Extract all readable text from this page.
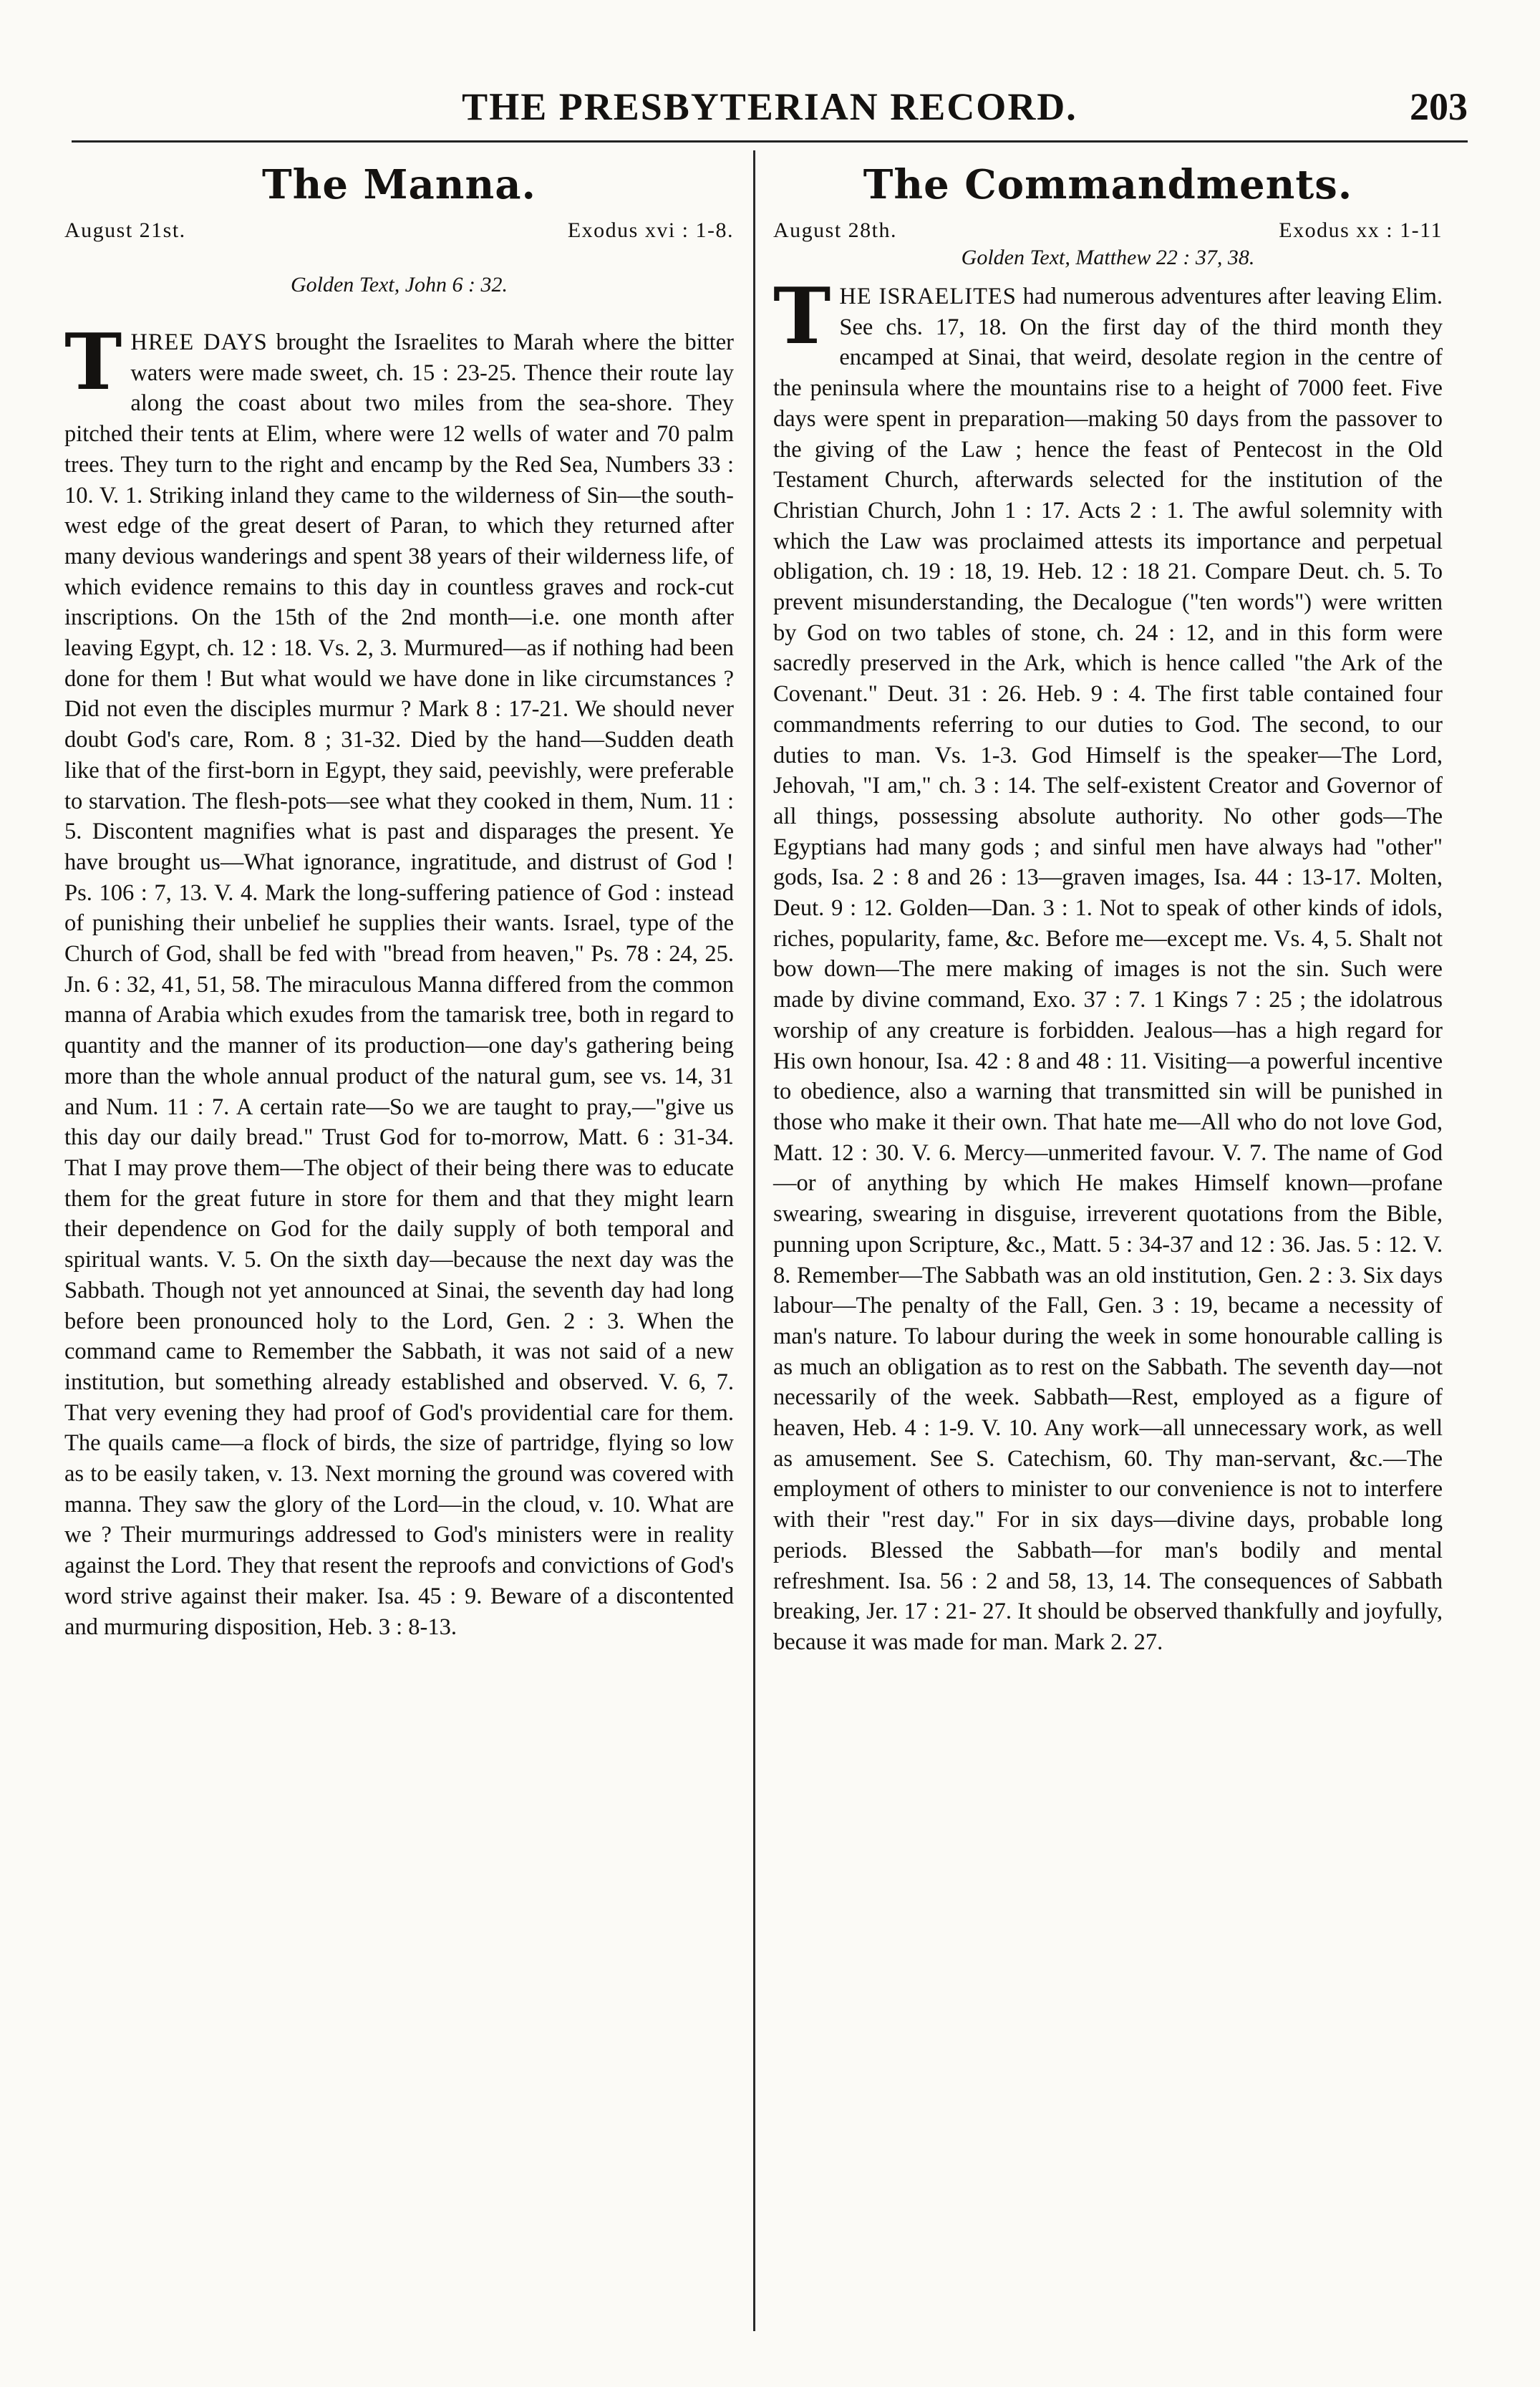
THE PRESBYTERIAN RECORD.	203
The Manna.
August 21st.	Exodus xvi : 1-8.
Golden Text, John 6 : 32.

THREE DAYS brought the Israelites to Marah where the bitter waters were made sweet, ch. 15 : 23-25. Thence their route lay along the coast about two miles from the sea-shore. They pitched their tents at Elim, where were 12 wells of water and 70 palm trees. They turn to the right and encamp by the Red Sea, Numbers 33 : 10. V. 1. Striking inland they came to the wilderness of Sin—the south-west edge of the great desert of Paran, to which they returned after many devious wanderings and spent 38 years of their wilderness life, of which evidence remains to this day in countless graves and rock-cut inscriptions. On the 15th of the 2nd month—i.e. one month after leaving Egypt, ch. 12 : 18. Vs. 2, 3. Murmured—as if nothing had been done for them ! But what would we have done in like circumstances ? Did not even the disciples murmur ? Mark 8 : 17-21. We should never doubt God's care, Rom. 8 ; 31-32. Died by the hand—Sudden death like that of the first-born in Egypt, they said, peevishly, were preferable to starvation. The flesh-pots—see what they cooked in them, Num. 11 : 5. Discontent magnifies what is past and disparages the present. Ye have brought us—What ignorance, ingratitude, and distrust of God ! Ps. 106 : 7, 13. V. 4. Mark the long-suffering patience of God : instead of punishing their unbelief he supplies their wants. Israel, type of the Church of God, shall be fed with "bread from heaven," Ps. 78 : 24, 25. Jn. 6 : 32, 41, 51, 58. The miraculous Manna differed from the common manna of Arabia which exudes from the tamarisk tree, both in regard to quantity and the manner of its production—one day's gathering being more than the whole annual product of the natural gum, see vs. 14, 31 and Num. 11 : 7. A certain rate—So we are taught to pray,—"give us this day our daily bread." Trust God for to-morrow, Matt. 6 : 31-34. That I may prove them—The object of their being there was to educate them for the great future in store for them and that they might learn their dependence on God for the daily supply of both temporal and spiritual wants. V. 5. On the sixth day—because the next day was the Sabbath. Though not yet announced at Sinai, the seventh day had long before been pronounced holy to the Lord, Gen. 2 : 3. When the command came to Remember the Sabbath, it was not said of a new institution, but something already established and observed. V. 6, 7. That very evening they had proof of God's providential care for them. The quails came—a flock of birds, the size of partridge, flying so low as to be easily taken, v. 13. Next morning the ground was covered with manna. They saw the glory of the Lord—in the cloud, v. 10. What are we ? Their murmurings addressed to God's ministers were in reality against the Lord. They that resent the reproofs and convictions of God's word strive against their maker. Isa. 45 : 9. Beware of a discontented and murmuring disposition, Heb. 3 : 8-13.

The Commandments.
August 28th.	Exodus xx : 1-11
Golden Text, Matthew 22 : 37, 38.

THE ISRAELITES had numerous adventures after leaving Elim. See chs. 17, 18. On the first day of the third month they encamped at Sinai, that weird, desolate region in the centre of the peninsula where the mountains rise to a height of 7000 feet. Five days were spent in preparation—making 50 days from the passover to the giving of the Law ; hence the feast of Pentecost in the Old Testament Church, afterwards selected for the institution of the Christian Church, John 1 : 17. Acts 2 : 1. The awful solemnity with which the Law was proclaimed attests its importance and perpetual obligation, ch. 19 : 18, 19. Heb. 12 : 18 21. Compare Deut. ch. 5. To prevent misunderstanding, the Decalogue ("ten words") were written by God on two tables of stone, ch. 24 : 12, and in this form were sacredly preserved in the Ark, which is hence called "the Ark of the Covenant." Deut. 31 : 26. Heb. 9 : 4. The first table contained four commandments referring to our duties to God. The second, to our duties to man. Vs. 1-3. God Himself is the speaker—The Lord, Jehovah, "I am," ch. 3 : 14. The self-existent Creator and Governor of all things, possessing absolute authority. No other gods—The Egyptians had many gods ; and sinful men have always had "other" gods, Isa. 2 : 8 and 26 : 13—graven images, Isa. 44 : 13-17. Molten, Deut. 9 : 12. Golden—Dan. 3 : 1. Not to speak of other kinds of idols, riches, popularity, fame, &c. Before me—except me. Vs. 4, 5. Shalt not bow down—The mere making of images is not the sin. Such were made by divine command, Exo. 37 : 7. 1 Kings 7 : 25 ; the idolatrous worship of any creature is forbidden. Jealous—has a high regard for His own honour, Isa. 42 : 8 and 48 : 11. Visiting—a powerful incentive to obedience, also a warning that transmitted sin will be punished in those who make it their own. That hate me—All who do not love God, Matt. 12 : 30. V. 6. Mercy—unmerited favour. V. 7. The name of God—or of anything by which He makes Himself known—profane swearing, swearing in disguise, irreverent quotations from the Bible, punning upon Scripture, &c., Matt. 5 : 34-37 and 12 : 36. Jas. 5 : 12. V. 8. Remember—The Sabbath was an old institution, Gen. 2 : 3. Six days labour—The penalty of the Fall, Gen. 3 : 19, became a necessity of man's nature. To labour during the week in some honourable calling is as much an obligation as to rest on the Sabbath. The seventh day—not necessarily of the week. Sabbath—Rest, employed as a figure of heaven, Heb. 4 : 1-9. V. 10. Any work—all unnecessary work, as well as amusement. See S. Catechism, 60. Thy man-servant, &c.—The employment of others to minister to our convenience is not to interfere with their "rest day." For in six days—divine days, probable long periods. Blessed the Sabbath—for man's bodily and mental refreshment. Isa. 56 : 2 and 58, 13, 14. The consequences of Sabbath breaking, Jer. 17 : 21- 27. It should be observed thankfully and joyfully, because it was made for man. Mark 2. 27.
